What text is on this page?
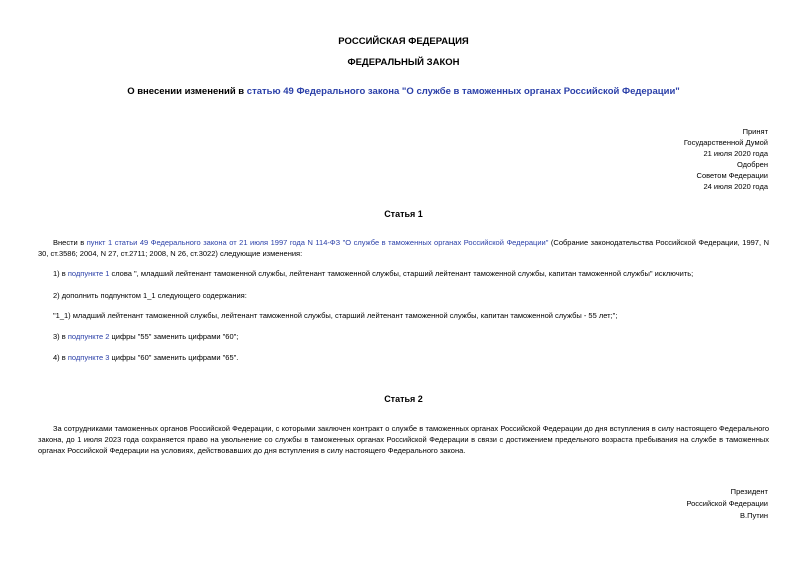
РОССИЙСКАЯ ФЕДЕРАЦИЯ
ФЕДЕРАЛЬНЫЙ ЗАКОН
О внесении изменений в статью 49 Федерального закона "О службе в таможенных органах Российской Федерации"
Принят
Государственной Думой
21 июля 2020 года
Одобрен
Советом Федерации
24 июля 2020 года
Статья 1
Внести в пункт 1 статьи 49 Федерального закона от 21 июля 1997 года N 114-ФЗ "О службе в таможенных органах Российской Федерации" (Собрание законодательства Российской Федерации, 1997, N 30, ст.3586; 2004, N 27, ст.2711; 2008, N 26, ст.3022) следующие изменения:
1) в подпункте 1 слова ", младший лейтенант таможенной службы, лейтенант таможенной службы, старший лейтенант таможенной службы, капитан таможенной службы" исключить;
2) дополнить подпунктом 1_1 следующего содержания:
"1_1) младший лейтенант таможенной службы, лейтенант таможенной службы, старший лейтенант таможенной службы, капитан таможенной службы - 55 лет;";
3) в подпункте 2 цифры "55" заменить цифрами "60";
4) в подпункте 3 цифры "60" заменить цифрами "65".
Статья 2
За сотрудниками таможенных органов Российской Федерации, с которыми заключен контракт о службе в таможенных органах Российской Федерации до дня вступления в силу настоящего Федерального закона, до 1 июля 2023 года сохраняется право на увольнение со службы в таможенных органах Российской Федерации в связи с достижением предельного возраста пребывания на службе в таможенных органах Российской Федерации на условиях, действовавших до дня вступления в силу настоящего Федерального закона.
Президент
Российской Федерации
В.Путин
